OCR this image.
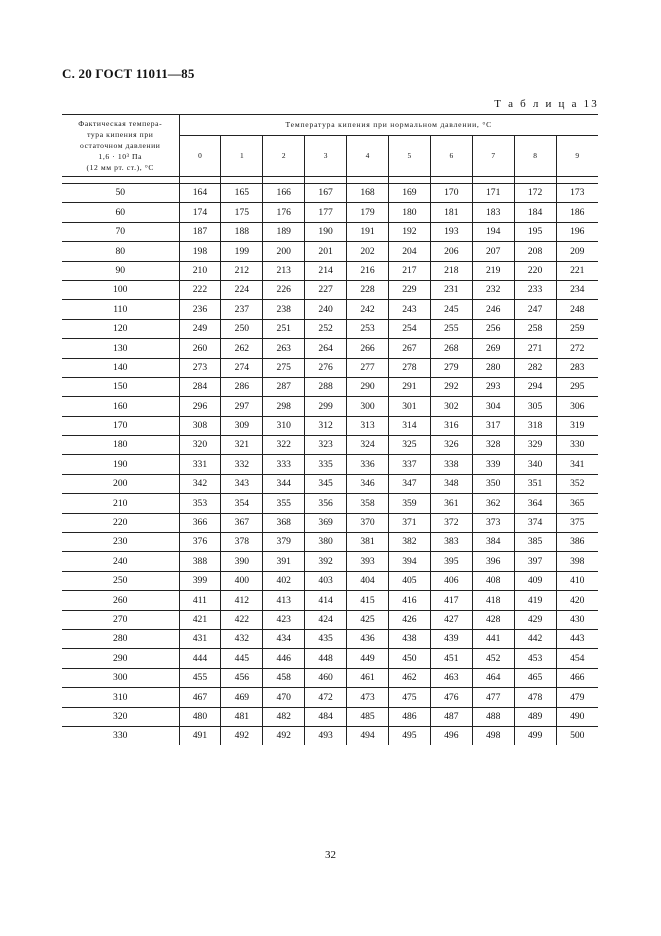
С. 20 ГОСТ 11011—85
Т а б л и ц а 13
Фактическая темпера-
тура кипения при
остаточном давлении
1,6 · 10³ Па
(12 мм рт. ст.), °С	Температура кипения при нормальном давлении, °С									
	0	1	2	3	4	5	6	7	8	9

50	164	165	166	167	168	169	170	171	172	173
60	174	175	176	177	179	180	181	183	184	186
70	187	188	189	190	191	192	193	194	195	196
80	198	199	200	201	202	204	206	207	208	209
90	210	212	213	214	216	217	218	219	220	221
100	222	224	226	227	228	229	231	232	233	234
110	236	237	238	240	242	243	245	246	247	248
120	249	250	251	252	253	254	255	256	258	259
130	260	262	263	264	266	267	268	269	271	272
140	273	274	275	276	277	278	279	280	282	283
150	284	286	287	288	290	291	292	293	294	295
160	296	297	298	299	300	301	302	304	305	306
170	308	309	310	312	313	314	316	317	318	319
180	320	321	322	323	324	325	326	328	329	330
190	331	332	333	335	336	337	338	339	340	341
200	342	343	344	345	346	347	348	350	351	352
210	353	354	355	356	358	359	361	362	364	365
220	366	367	368	369	370	371	372	373	374	375
230	376	378	379	380	381	382	383	384	385	386
240	388	390	391	392	393	394	395	396	397	398
250	399	400	402	403	404	405	406	408	409	410
260	411	412	413	414	415	416	417	418	419	420
270	421	422	423	424	425	426	427	428	429	430
280	431	432	434	435	436	438	439	441	442	443
290	444	445	446	448	449	450	451	452	453	454
300	455	456	458	460	461	462	463	464	465	466
310	467	469	470	472	473	475	476	477	478	479
320	480	481	482	484	485	486	487	488	489	490
330	491	492	492	493	494	495	496	498	499	500
32
